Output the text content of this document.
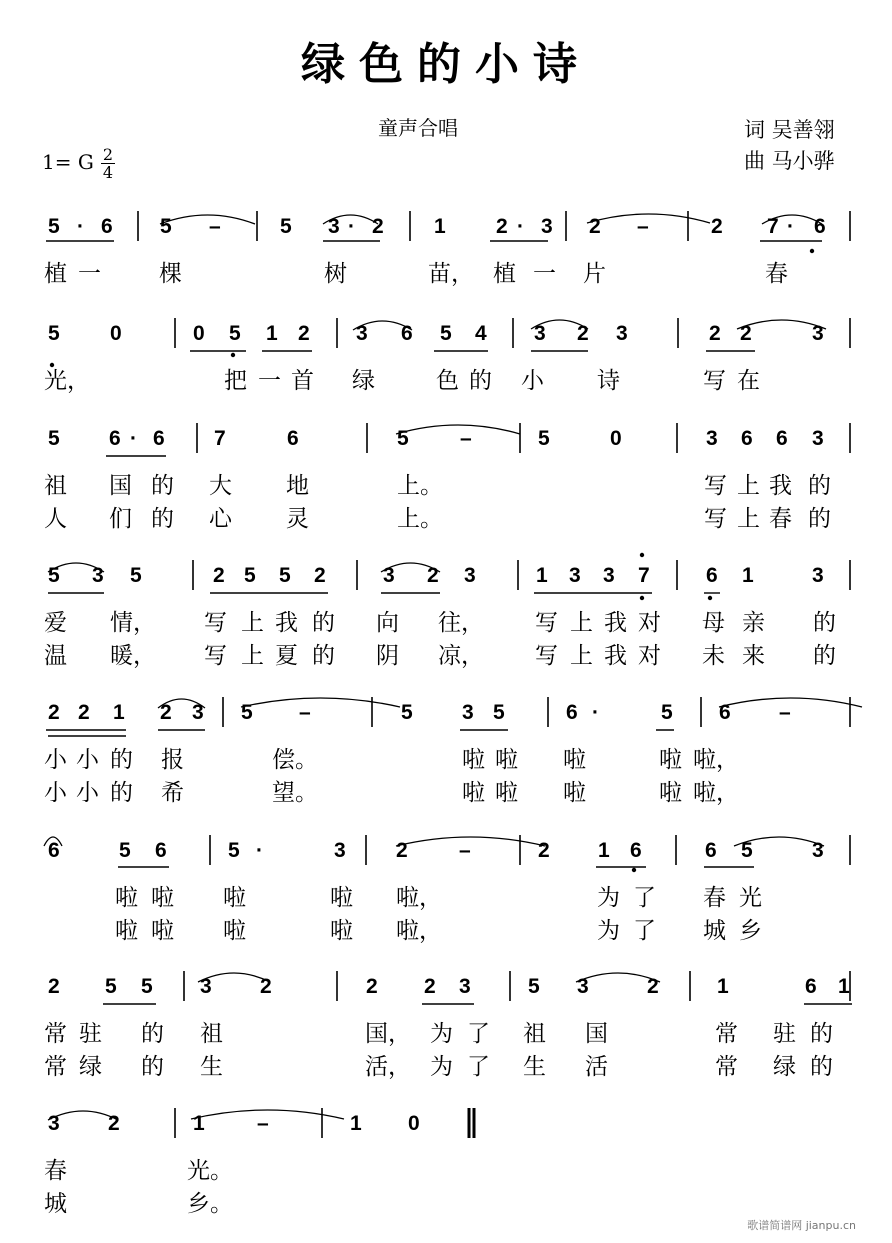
绿色的小诗
童声合唱	词 吴善翎
曲 马小骅
1= G 2
4
5 · 6 5 –	5 3 · 2 1 2 · 3 2 –	2 7 · 6
植 一	棵	树	苗， 植 一 片	春
5 0	0 5 1 2 3 6 5 4 3 2 3	2 2	3
光，	把 一 首 绿	色 的 小 诗	写 在
5 6 · 6 7	6	5 –	5	0	3 6 6 3
祖 国 的 大 地	上。	写 上 我 的
人 们 的 心 灵	上。	写 上 春 的
5 3 5	2 5 5 2	3 2 3	1 3 3 7	6 1	3
爱 情， 写 上 我 的 向 往， 写 上 我 对 母 亲 的
温 暖， 写 上 夏 的 阴 凉， 写 上 我 对 未 来 的
2 2 1 2 3 5 –	5 3 5	6 ·	5 6 –
小 小 的 报	偿。	啦 啦 啦	啦 啦，
小 小 的 希	望。	啦 啦 啦	啦 啦，
6	5 6	5 ·	3 2 –	2 1 6	6 5	3
啦 啦 啦	啦 啦，	为 了 春 光
啦 啦 啦	啦 啦，	为 了 城 乡
2 5 5 3 2	2 2 3	5 3	2	1	6 1
常 驻 的 祖	国， 为 了 祖 国	常 驻 的
常 绿 的 生	活， 为 了 生 活	常 绿 的
3 2	1 –	1 0
春	光。
城	乡。
歌谱简谱网 jianpu.cn
